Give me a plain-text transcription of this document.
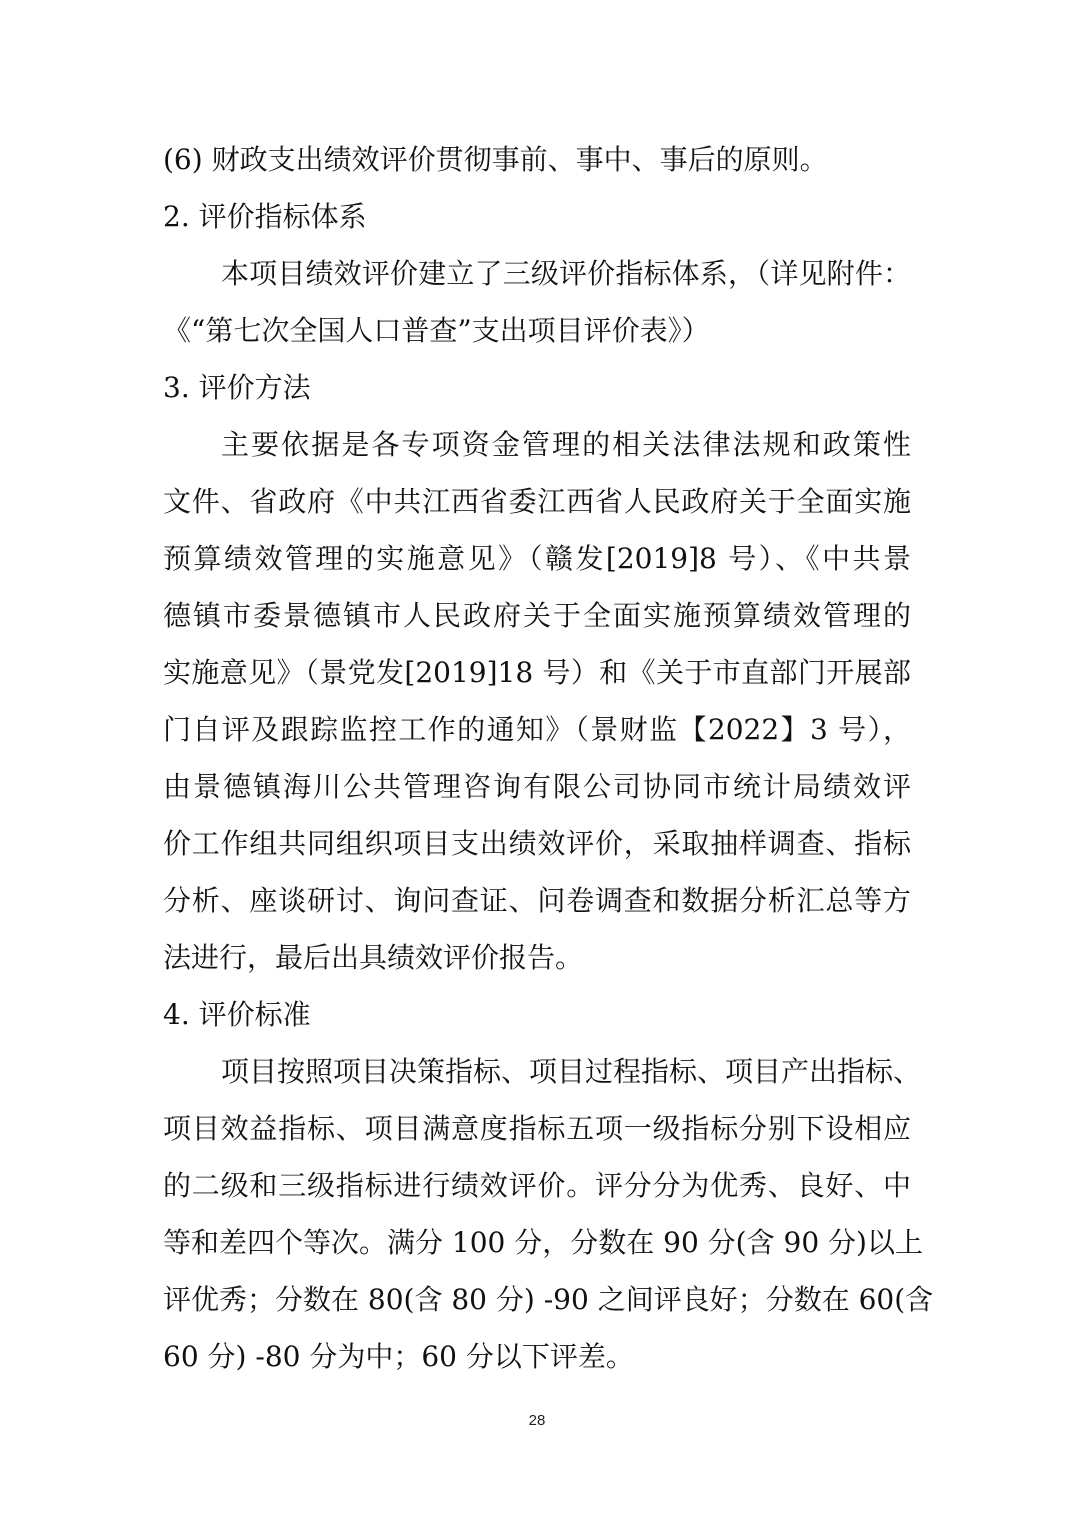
(6) 财政支出绩效评价贯彻事前、事中、事后的原则。
2. 评价指标体系
本项目绩效评价建立了三级评价指标体系，（详见附件：
《“第七次全国人口普查”支出项目评价表》）
3. 评价方法
主要依据是各专项资金管理的相关法律法规和政策性
文件、省政府《中共江西省委江西省人民政府关于全面实施
预算绩效管理的实施意见》（赣发[2019]8 号）、《中共景
德镇市委景德镇市人民政府关于全面实施预算绩效管理的
实施意见》（景党发[2019]18 号）和《关于市直部门开展部
门自评及跟踪监控工作的通知》（景财监【2022】3 号），
由景德镇海川公共管理咨询有限公司协同市统计局绩效评
价工作组共同组织项目支出绩效评价，采取抽样调查、指标
分析、座谈研讨、询问查证、问卷调查和数据分析汇总等方
法进行，最后出具绩效评价报告。
4. 评价标准
项目按照项目决策指标、项目过程指标、项目产出指标、
项目效益指标、项目满意度指标五项一级指标分别下设相应
的二级和三级指标进行绩效评价。评分分为优秀、良好、中
等和差四个等次。满分 100 分，分数在 90 分(含 90 分)以上
评优秀；分数在 80(含 80 分) -90 之间评良好；分数在 60(含
60 分) -80 分为中；60 分以下评差。
28
